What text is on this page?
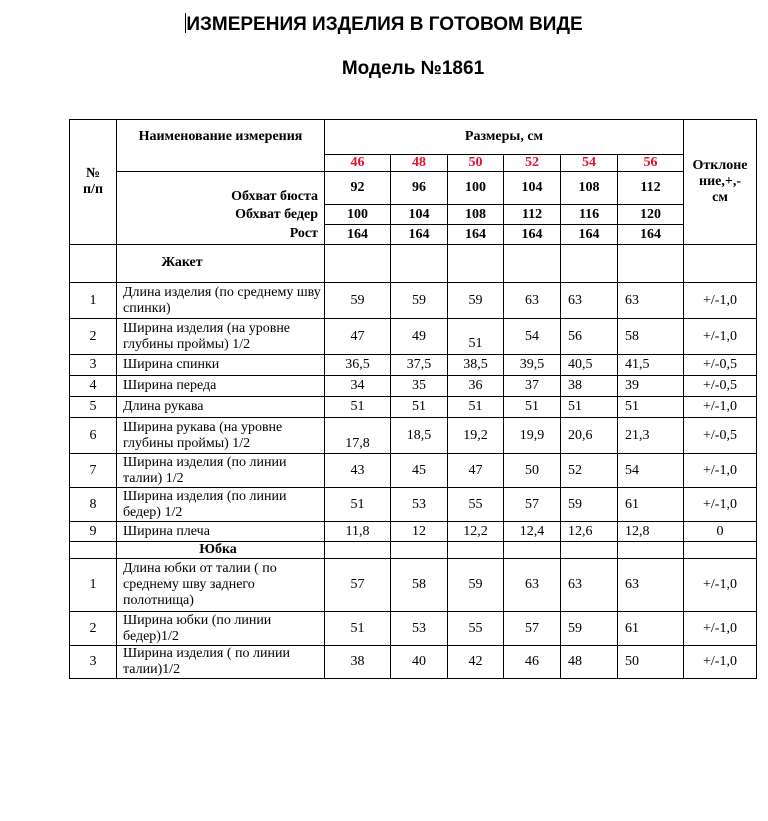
ИЗМЕРЕНИЯ ИЗДЕЛИЯ В ГОТОВОМ ВИДЕ
Модель №1861
№
п/п	Наименование измерения	Размеры, см						Отклоне
ние,+,-
см
		46	48	50	52	54	56	
	Обхват бюста	92	96	100	104	108	112	
	Обхват бедер	100	104	108	112	116	120	
	Рост	164	164	164	164	164	164	
	Жакет							
1	Длина изделия (по среднему шву спинки)	59	59	59	63	63	63	+/-1,0
2	Ширина изделия (на уровне глубины проймы) 1/2	47	49	51	54	56	58	+/-1,0
3	Ширина спинки	36,5	37,5	38,5	39,5	40,5	41,5	+/-0,5
4	Ширина переда	34	35	36	37	38	39	+/-0,5
5	Длина рукава	51	51	51	51	51	51	+/-1,0
6	Ширина рукава (на уровне глубины проймы) 1/2	17,8	18,5	19,2	19,9	20,6	21,3	+/-0,5
7	Ширина изделия (по линии талии) 1/2	43	45	47	50	52	54	+/-1,0
8	Ширина изделия (по линии бедер) 1/2	51	53	55	57	59	61	+/-1,0
9	Ширина плеча	11,8	12	12,2	12,4	12,6	12,8	0
	Юбка							
1	Длина юбки от талии ( по среднему шву заднего полотнища)	57	58	59	63	63	63	+/-1,0
2	Ширина юбки (по линии бедер)1/2	51	53	55	57	59	61	+/-1,0
3	Ширина изделия ( по линии талии)1/2	38	40	42	46	48	50	+/-1,0
